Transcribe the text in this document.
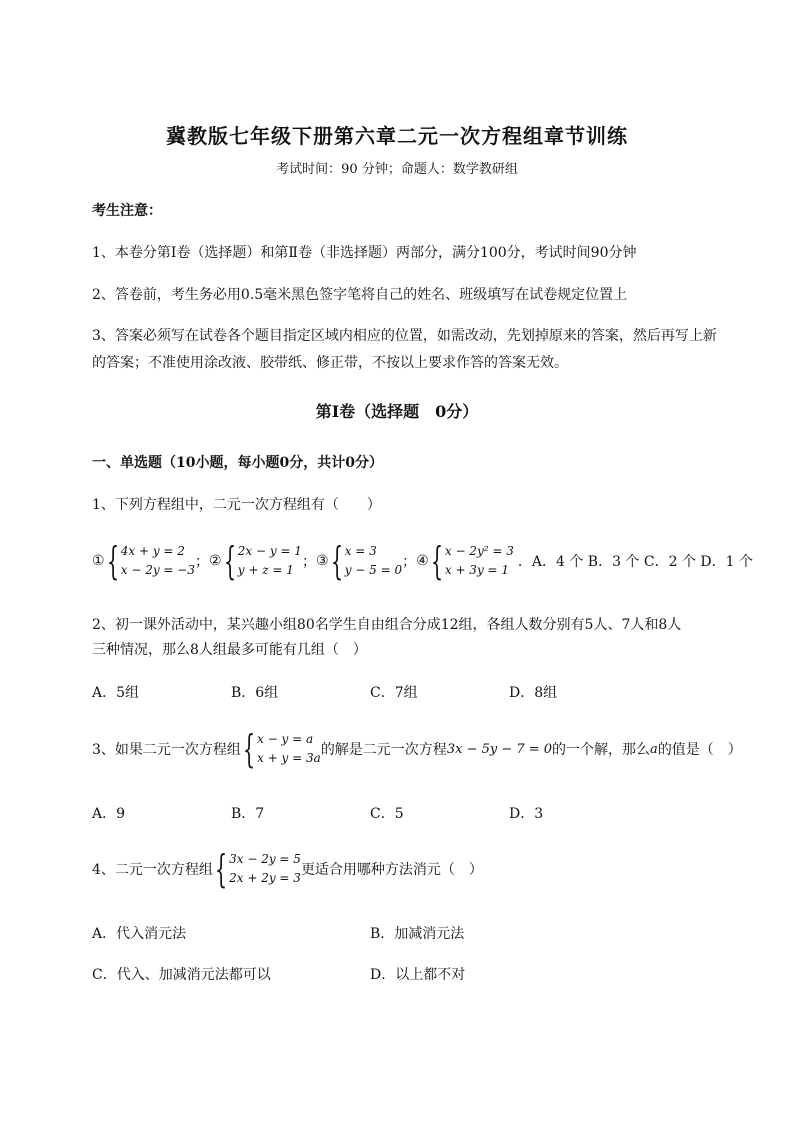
冀教版七年级下册第六章二元一次方程组章节训练
考试时间：90 分钟；命题人：数学教研组
考生注意：
1、本卷分第Ⅰ卷（选择题）和第Ⅱ卷（非选择题）两部分，满分100分，考试时间90分钟
2、答卷前，考生务必用0.5毫米黑色签字笔将自己的姓名、班级填写在试卷规定位置上
3、答案必须写在试卷各个题目指定区域内相应的位置，如需改动，先划掉原来的答案，然后再写上新
的答案；不准使用涂改液、胶带纸、修正带，不按以上要求作答的答案无效。
第Ⅰ卷（选择题　0分）
一、单选题（10小题，每小题0分，共计0分）
1、下列方程组中，二元一次方程组有（　　）
① { 4x + y = 2
x − 2y = −3 ； ② { 2x − y = 1
y + z = 1 ； ③ { x = 3
y − 5 = 0 ； ④ { x − 2y² = 3
x + 3y = 1 ．A．4 个 B．3 个 C．2 个 D．1 个
2、初一课外活动中，某兴趣小组80名学生自由组合分成12组，各组人数分别有5人、7人和8人
三种情况，那么8人组最多可能有几组（　）
A．5组	B．6组	C．7组	D．8组
3、如果二元一次方程组 { x − y = a
x + y = 3a 的解是二元一次方程 3x − 5y − 7 = 0 的一个解，那么 a 的值是（　）
A．9	B．7	C．5	D．3
4、二元一次方程组 { 3x − 2y = 5
2x + 2y = 3 更适合用哪种方法消元（　）
A．代入消元法	B．加减消元法
C．代入、加减消元法都可以	D．以上都不对
